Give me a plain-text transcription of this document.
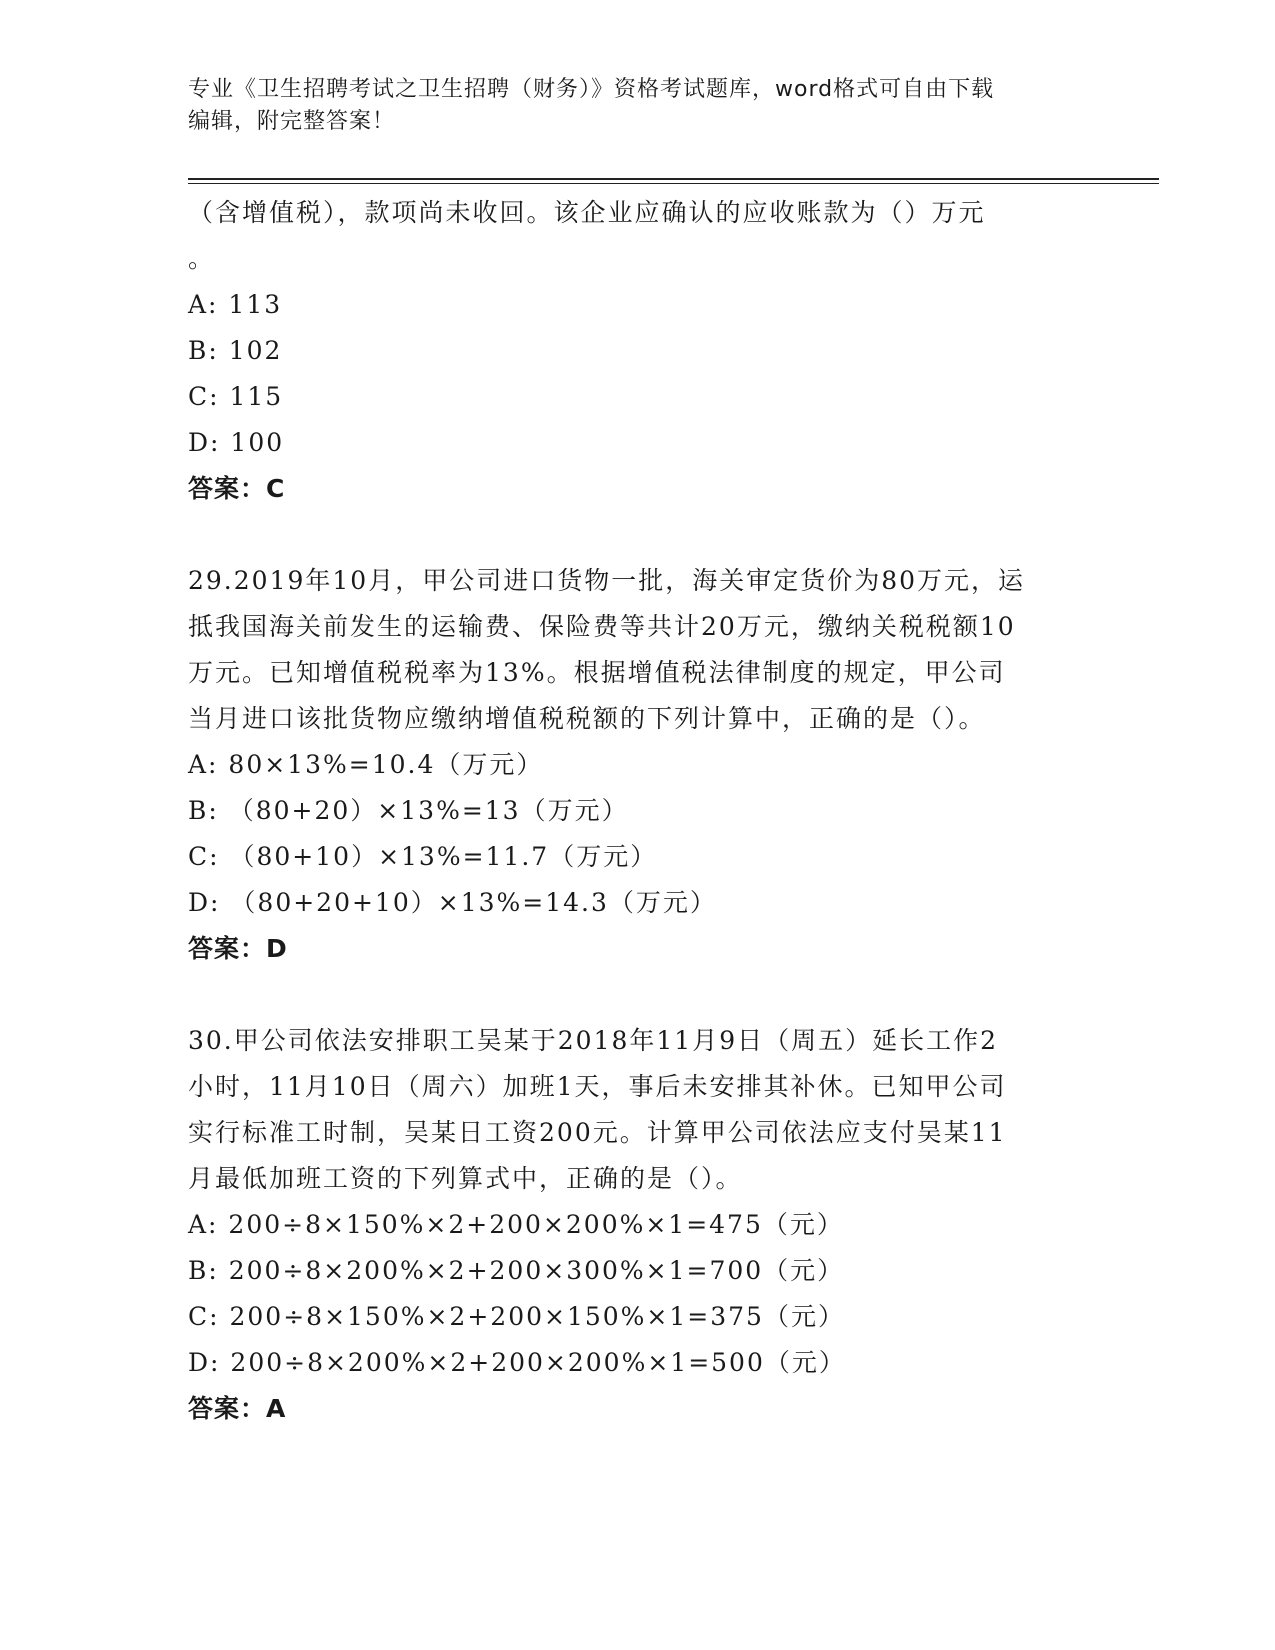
专业《卫生招聘考试之卫生招聘（财务）》资格考试题库，word格式可自由下载
编辑，附完整答案！
（含增值税），款项尚未收回。该企业应确认的应收账款为（）万元
。
A: 113
B: 102
C: 115
D: 100
答案：C
29.2019年10月，甲公司进口货物一批，海关审定货价为80万元，运
抵我国海关前发生的运输费、保险费等共计20万元，缴纳关税税额10
万元。已知增值税税率为13%。根据增值税法律制度的规定，甲公司
当月进口该批货物应缴纳增值税税额的下列计算中，正确的是（）。
A: 80×13%=10.4（万元）
B: （80+20）×13%=13（万元）
C: （80+10）×13%=11.7（万元）
D: （80+20+10）×13%=14.3（万元）
答案：D
30.甲公司依法安排职工吴某于2018年11月9日（周五）延长工作2
小时，11月10日（周六）加班1天，事后未安排其补休。已知甲公司
实行标准工时制，吴某日工资200元。计算甲公司依法应支付吴某11
月最低加班工资的下列算式中，正确的是（）。
A: 200÷8×150%×2+200×200%×1=475（元）
B: 200÷8×200%×2+200×300%×1=700（元）
C: 200÷8×150%×2+200×150%×1=375（元）
D: 200÷8×200%×2+200×200%×1=500（元）
答案：A
